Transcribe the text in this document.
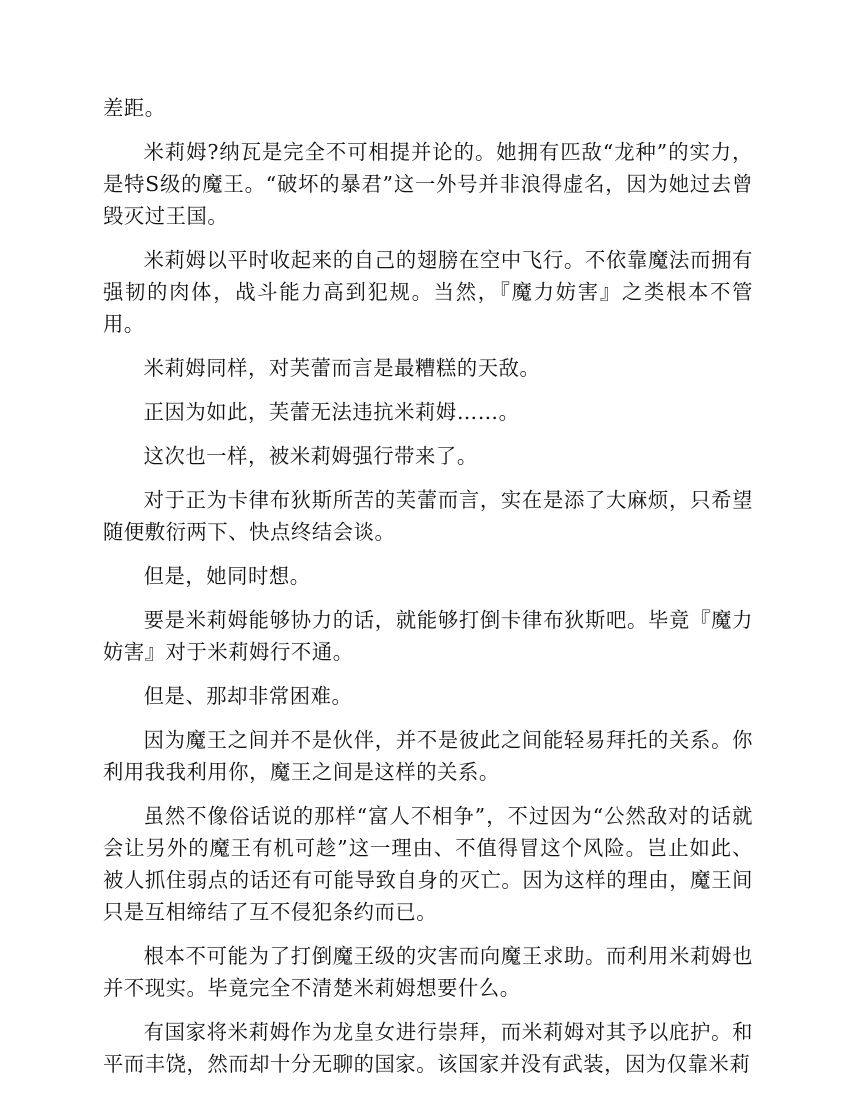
差距。

米莉姆?纳瓦是完全不可相提并论的。她拥有匹敌“龙种”的实力，是特S级的魔王。“破坏的暴君”这一外号并非浪得虚名，因为她过去曾毁灭过王国。

米莉姆以平时收起来的自己的翅膀在空中飞行。不依靠魔法而拥有强韧的肉体，战斗能力高到犯规。当然，『魔力妨害』之类根本不管用。

米莉姆同样，对芙蕾而言是最糟糕的天敌。

正因为如此，芙蕾无法违抗米莉姆……。

这次也一样，被米莉姆强行带来了。

对于正为卡律布狄斯所苦的芙蕾而言，实在是添了大麻烦，只希望随便敷衍两下、快点终结会谈。

但是，她同时想。

要是米莉姆能够协力的话，就能够打倒卡律布狄斯吧。毕竟『魔力妨害』对于米莉姆行不通。

但是、那却非常困难。

因为魔王之间并不是伙伴，并不是彼此之间能轻易拜托的关系。你利用我我利用你，魔王之间是这样的关系。

虽然不像俗话说的那样“富人不相争”，不过因为“公然敌对的话就会让另外的魔王有机可趁”这一理由、不值得冒这个风险。岂止如此、被人抓住弱点的话还有可能导致自身的灭亡。因为这样的理由，魔王间只是互相缔结了互不侵犯条约而已。

根本不可能为了打倒魔王级的灾害而向魔王求助。而利用米莉姆也并不现实。毕竟完全不清楚米莉姆想要什么。

有国家将米莉姆作为龙皇女进行崇拜，而米莉姆对其予以庇护。和平而丰饶，然而却十分无聊的国家。该国家并没有武装，因为仅靠米莉
